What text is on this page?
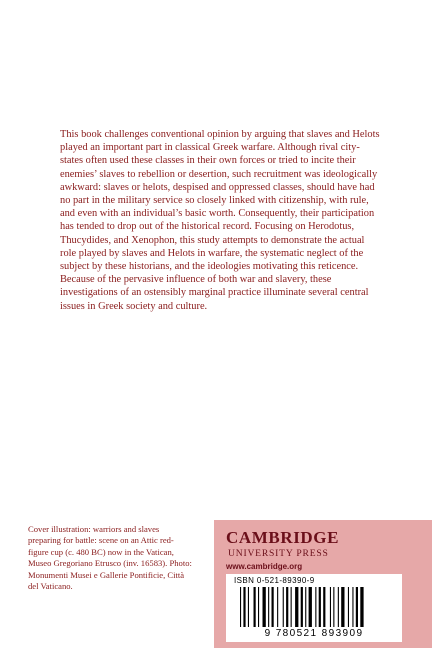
This book challenges conventional opinion by arguing that slaves and Helots played an important part in classical Greek warfare. Although rival city-states often used these classes in their own forces or tried to incite their enemies’ slaves to rebellion or desertion, such recruitment was ideologically awkward: slaves or helots, despised and oppressed classes, should have had no part in the military service so closely linked with citizenship, with rule, and even with an individual’s basic worth. Consequently, their participation has tended to drop out of the historical record. Focusing on Herodotus, Thucydides, and Xenophon, this study attempts to demonstrate the actual role played by slaves and Helots in warfare, the systematic neglect of the subject by these historians, and the ideologies motivating this reticence. Because of the pervasive influence of both war and slavery, these investigations of an ostensibly marginal practice illuminate several central issues in Greek society and culture.

Cover illustration: warriors and slaves preparing for battle: scene on an Attic red-figure cup (c. 480 BC) now in the Vatican, Museo Gregoriano Etrusco (inv. 16583). Photo: Monumenti Musei e Gallerie Pontificie, Città del Vaticano.

CAMBRIDGE

UNIVERSITY PRESS

www.cambridge.org

ISBN 0-521-89390-9

9 780521 893909
